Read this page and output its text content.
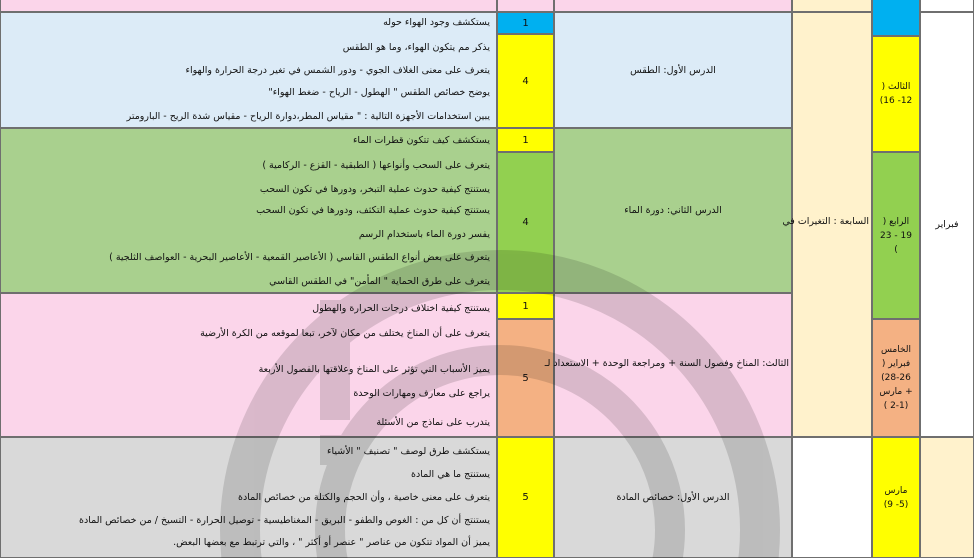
يستكشف وجود الهواء حوله
يذكر مم يتكون الهواء، وما هو الطقس
يتعرف على معنى الغلاف الجوي - ودور الشمس في تغير درجة الحرارة والهواء
يوضح خصائص الطقس " الهطول - الرياح - ضغط الهواء"
يبين استخدامات الأجهزة التالية : " مقياس المطر،دوارة الرياح - مقياس شدة الريح - البارومتر
1
4
الدرس الأول: الطقس
يستكشف كيف تتكون قطرات الماء
يتعرف على السحب وأنواعها ( الطبقية - القزع - الركامية )
يستنتج كيفية حدوث عملية التبخر، ودورها في تكون السحب
يستنتج كيفية حدوث عملية التكثف، ودورها في تكون السحب
يفسر دورة الماء باستخدام الرسم
يتعرف على بعض أنواع الطقس القاسي ( الأعاصير القمعية - الأعاصير البحرية - العواصف الثلجية )
يتعرف على طرق الحماية " المأمن" في الطقس القاسي
1
4
الدرس الثاني: دورة الماء
يستنتج كيفية اختلاف درجات الحرارة والهطول
يتعرف على أن المناخ يختلف من مكان لآخر، تبعا لموقعه من الكرة الأرضية
يميز الأسباب التي تؤثر على المناخ وعلاقتها بالفصول الأربعة
يراجع على معارف ومهارات الوحدة
يتدرب على نماذج من الأسئلة
1
5
الثالث: المناخ وفصول السنة + ومراجعة الوحدة + الاستعداد لـ
يستكشف طرق لوصف " تصنيف " الأشياء
يستنتج ما هي المادة
يتعرف على معنى خاصية ، وأن الحجم والكتلة من خصائص المادة
يستنتج أن كل من : الغوص والطفو - البريق - المغناطيسية - توصيل الحرارة - التسيخ / من خصائص المادة
يميز أن المواد تتكون من عناصر " عنصر أو أكثر " ، والتي ترتبط مع بعضها البعض.
5	الدرس الأول: خصائص المادة
السابعة : التغيرات في
الثالث ( 12- 16)
الرابع ( 19 - 23 )
الخامس فبراير ( 26-28) + مارس (1-2 )
مارس (5- 9)
فبراير
